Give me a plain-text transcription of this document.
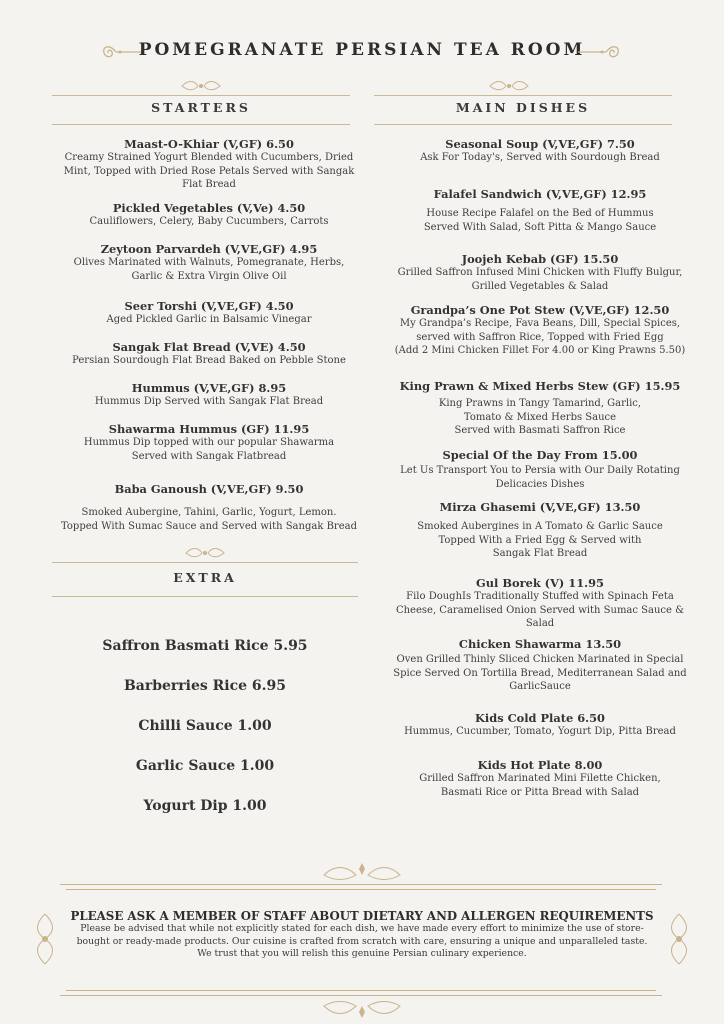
POMEGRANATE PERSIAN TEA ROOM
STARTERS	MAIN DISHES
Maast-O-Khiar (V,GF) 6.50
Creamy Strained Yogurt Blended with Cucumbers, Dried
Mint, Topped with Dried Rose Petals Served with Sangak
Flat Bread
Pickled Vegetables (V,Ve) 4.50
Cauliflowers, Celery, Baby Cucumbers, Carrots
Zeytoon Parvardeh (V,VE,GF) 4.95
Olives Marinated with Walnuts, Pomegranate, Herbs,
Garlic & Extra Virgin Olive Oil
Seer Torshi (V,VE,GF) 4.50
Aged Pickled Garlic in Balsamic Vinegar
Sangak Flat Bread (V,VE) 4.50
Persian Sourdough Flat Bread Baked on Pebble Stone
Hummus (V,VE,GF) 8.95
Hummus Dip Served with Sangak Flat Bread
Shawarma Hummus (GF) 11.95
Hummus Dip topped with our popular Shawarma
Served with Sangak Flatbread
Baba Ganoush (V,VE,GF) 9.50
Smoked Aubergine, Tahini, Garlic, Yogurt, Lemon.
Topped With Sumac Sauce and Served with Sangak Bread
EXTRA
Saffron Basmati Rice 5.95
Barberries Rice 6.95
Chilli Sauce 1.00
Garlic Sauce 1.00
Yogurt Dip 1.00
Seasonal Soup (V,VE,GF) 7.50
Ask For Today's, Served with Sourdough Bread
Falafel Sandwich (V,VE,GF) 12.95
House Recipe Falafel on the Bed of Hummus
Served With Salad, Soft Pitta & Mango Sauce
Joojeh Kebab (GF) 15.50
Grilled Saffron Infused Mini Chicken with Fluffy Bulgur,
Grilled Vegetables & Salad
Grandpa’s One Pot Stew (V,VE,GF) 12.50
My Grandpa’s Recipe, Fava Beans, Dill, Special Spices,
served with Saffron Rice, Topped with Fried Egg
(Add 2 Mini Chicken Fillet For 4.00 or King Prawns 5.50)
King Prawn & Mixed Herbs Stew (GF) 15.95
King Prawns in Tangy Tamarind, Garlic,
Tomato & Mixed Herbs Sauce
Served with Basmati Saffron Rice
Special Of the Day From 15.00
Let Us Transport You to Persia with Our Daily Rotating
Delicacies Dishes
Mirza Ghasemi (V,VE,GF) 13.50
Smoked Aubergines in A Tomato & Garlic Sauce
Topped With a Fried Egg & Served with
Sangak Flat Bread
Gul Borek (V) 11.95
Filo DoughIs Traditionally Stuffed with Spinach Feta
Cheese, Caramelised Onion Served with Sumac Sauce &
Salad
Chicken Shawarma 13.50
Oven Grilled Thinly Sliced Chicken Marinated in Special
Spice Served On Tortilla Bread, Mediterranean Salad and
GarlicSauce
Kids Cold Plate 6.50
Hummus, Cucumber, Tomato, Yogurt Dip, Pitta Bread
Kids Hot Plate 8.00
Grilled Saffron Marinated Mini Filette Chicken,
Basmati Rice or Pitta Bread with Salad
PLEASE ASK A MEMBER OF STAFF ABOUT DIETARY AND ALLERGEN REQUIREMENTS
Please be advised that while not explicitly stated for each dish, we have made every effort to minimize the use of store-
bought or ready-made products. Our cuisine is crafted from scratch with care, ensuring a unique and unparalleled taste.
We trust that you will relish this genuine Persian culinary experience.
